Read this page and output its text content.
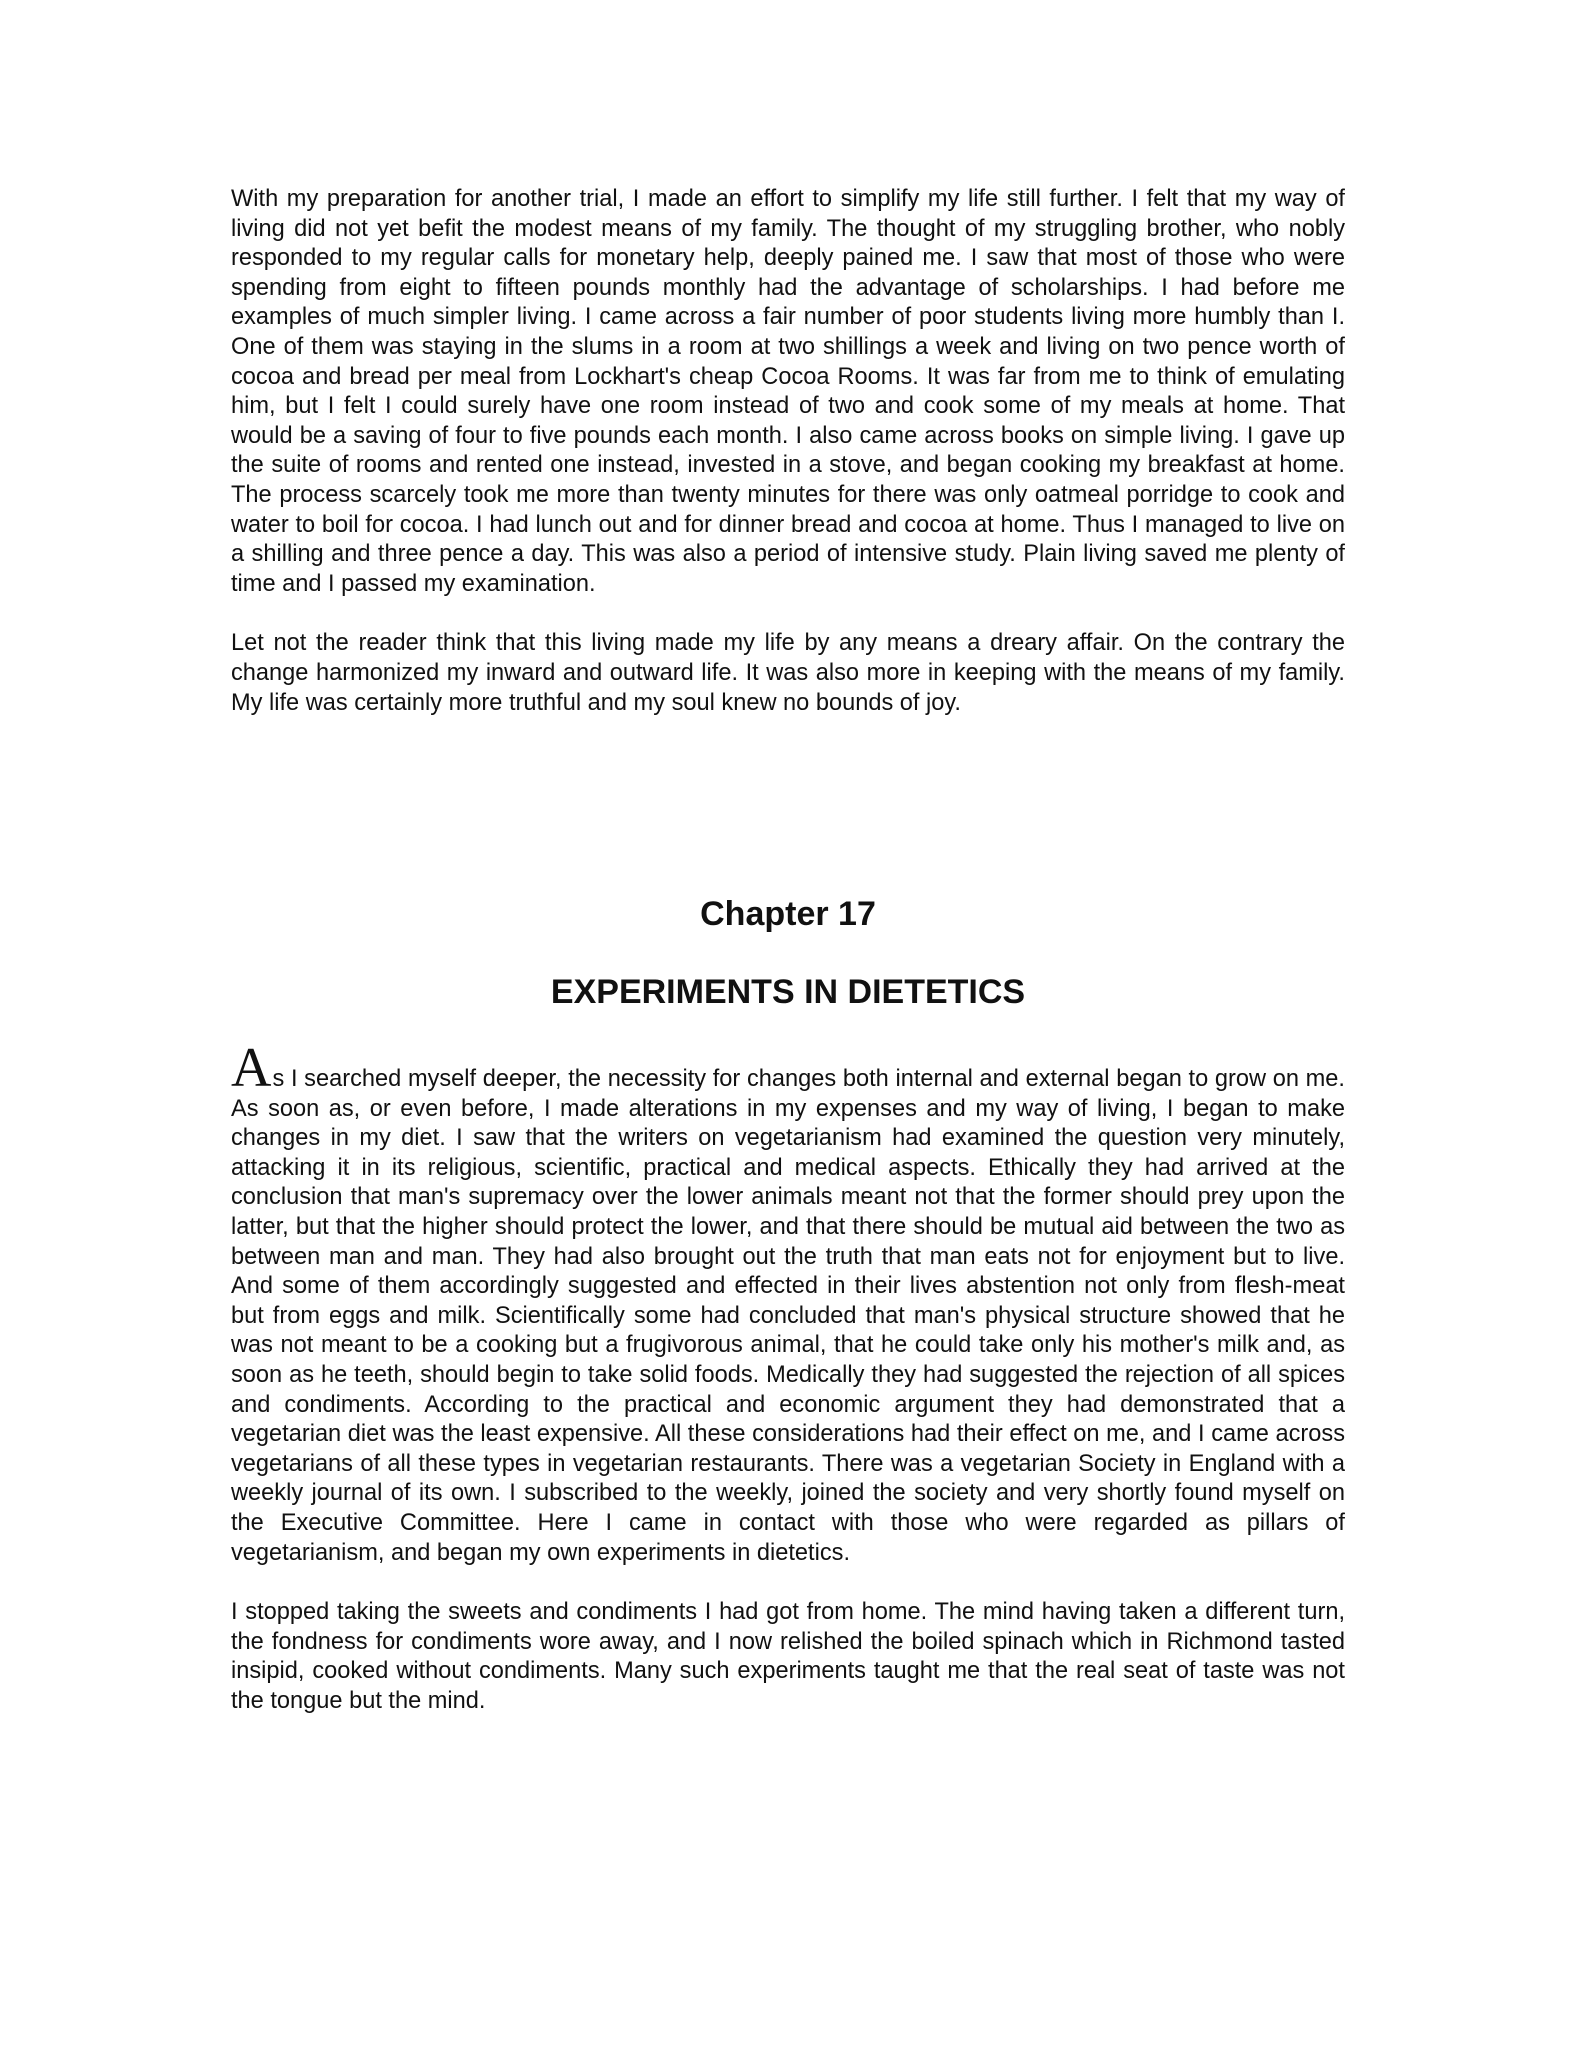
With my preparation for another trial, I made an effort to simplify my life still further. I felt that my way of living did not yet befit the modest means of my family. The thought of my struggling brother, who nobly responded to my regular calls for monetary help, deeply pained me. I saw that most of those who were spending from eight to fifteen pounds monthly had the advantage of scholarships. I had before me examples of much simpler living. I came across a fair number of poor students living more humbly than I. One of them was staying in the slums in a room at two shillings a week and living on two pence worth of cocoa and bread per meal from Lockhart's cheap Cocoa Rooms. It was far from me to think of emulating him, but I felt I could surely have one room instead of two and cook some of my meals at home. That would be a saving of four to five pounds each month. I also came across books on simple living. I gave up the suite of rooms and rented one instead, invested in a stove, and began cooking my breakfast at home. The process scarcely took me more than twenty minutes for there was only oatmeal porridge to cook and water to boil for cocoa. I had lunch out and for dinner bread and cocoa at home. Thus I managed to live on a shilling and three pence a day. This was also a period of intensive study. Plain living saved me plenty of time and I passed my examination.

Let not the reader think that this living made my life by any means a dreary affair. On the contrary the change harmonized my inward and outward life. It was also more in keeping with the means of my family. My life was certainly more truthful and my soul knew no bounds of joy.

Chapter 17
EXPERIMENTS IN DIETETICS

As I searched myself deeper, the necessity for changes both internal and external began to grow on me. As soon as, or even before, I made alterations in my expenses and my way of living, I began to make changes in my diet. I saw that the writers on vegetarianism had examined the question very minutely, attacking it in its religious, scientific, practical and medical aspects. Ethically they had arrived at the conclusion that man's supremacy over the lower animals meant not that the former should prey upon the latter, but that the higher should protect the lower, and that there should be mutual aid between the two as between man and man. They had also brought out the truth that man eats not for enjoyment but to live. And some of them accordingly suggested and effected in their lives abstention not only from flesh-meat but from eggs and milk. Scientifically some had concluded that man's physical structure showed that he was not meant to be a cooking but a frugivorous animal, that he could take only his mother's milk and, as soon as he teeth, should begin to take solid foods. Medically they had suggested the rejection of all spices and condiments. According to the practical and economic argument they had demonstrated that a vegetarian diet was the least expensive. All these considerations had their effect on me, and I came across vegetarians of all these types in vegetarian restaurants. There was a vegetarian Society in England with a weekly journal of its own. I subscribed to the weekly, joined the society and very shortly found myself on the Executive Committee. Here I came in contact with those who were regarded as pillars of vegetarianism, and began my own experiments in dietetics.

I stopped taking the sweets and condiments I had got from home. The mind having taken a different turn, the fondness for condiments wore away, and I now relished the boiled spinach which in Richmond tasted insipid, cooked without condiments. Many such experiments taught me that the real seat of taste was not the tongue but the mind.
